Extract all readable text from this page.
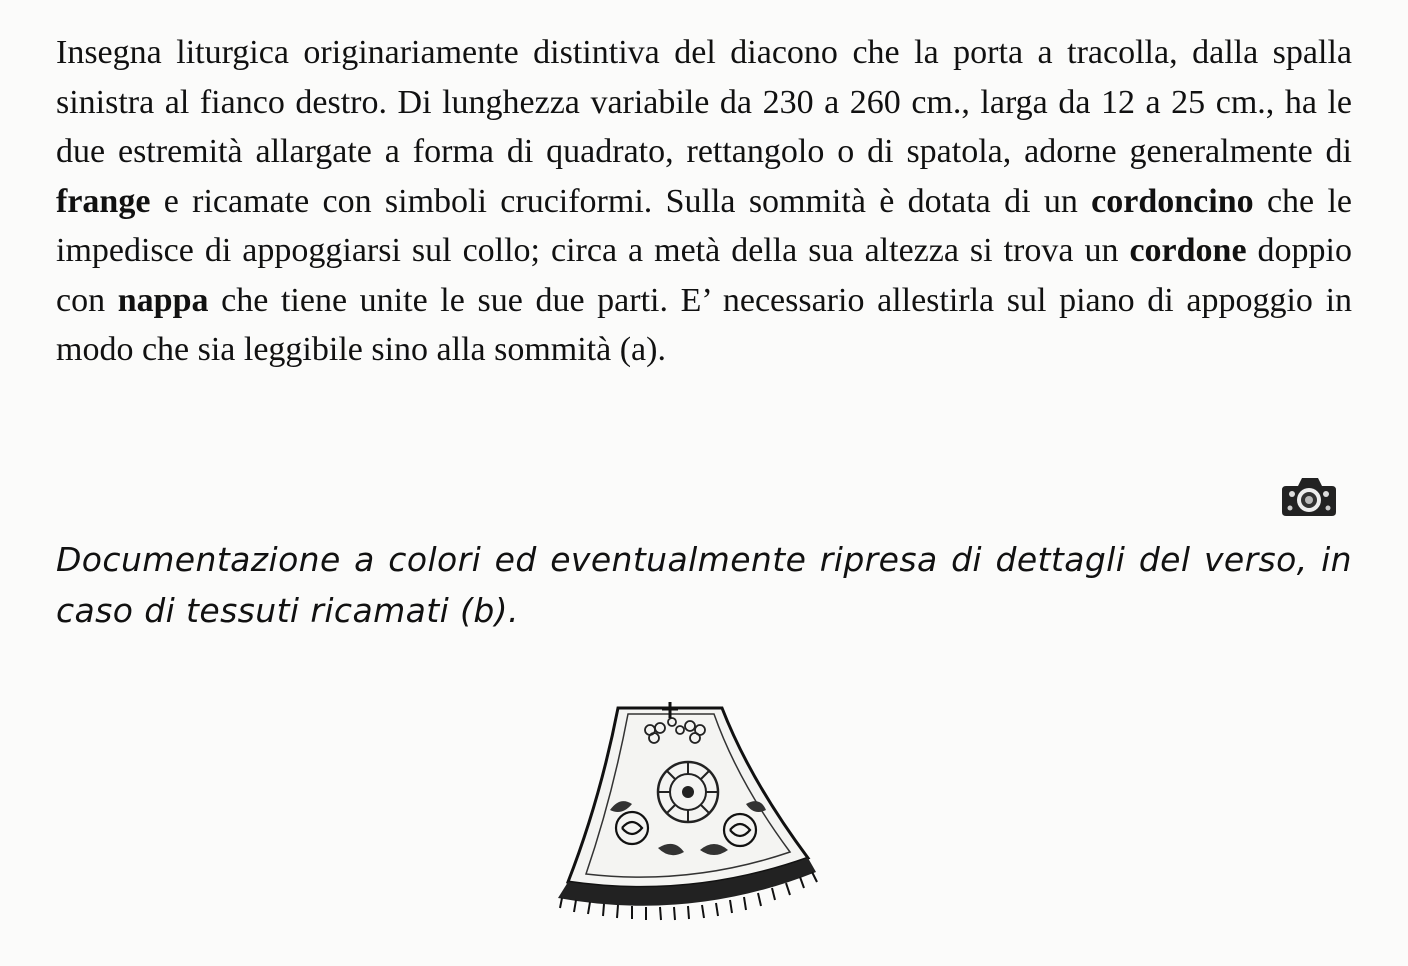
Insegna liturgica originariamente distintiva del diacono che la porta a tracolla, dalla spalla sinistra al fianco destro. Di lunghezza variabile da 230 a 260 cm., larga da 12 a 25 cm., ha le due estremità allargate a forma di quadrato, rettangolo o di spatola, adorne generalmente di frange e ricamate con simboli cruciformi. Sulla sommità è dotata di un cordoncino che le impedisce di appoggiarsi sul collo; circa a metà della sua altezza si trova un cordone doppio con nappa che tiene unite le sue due parti. E’ necessario allestirla sul piano di appoggio in modo che sia leggibile sino alla sommità (a).

Documentazione a colori ed eventualmente ripresa di dettagli del verso, in caso di tessuti ricamati (b).
